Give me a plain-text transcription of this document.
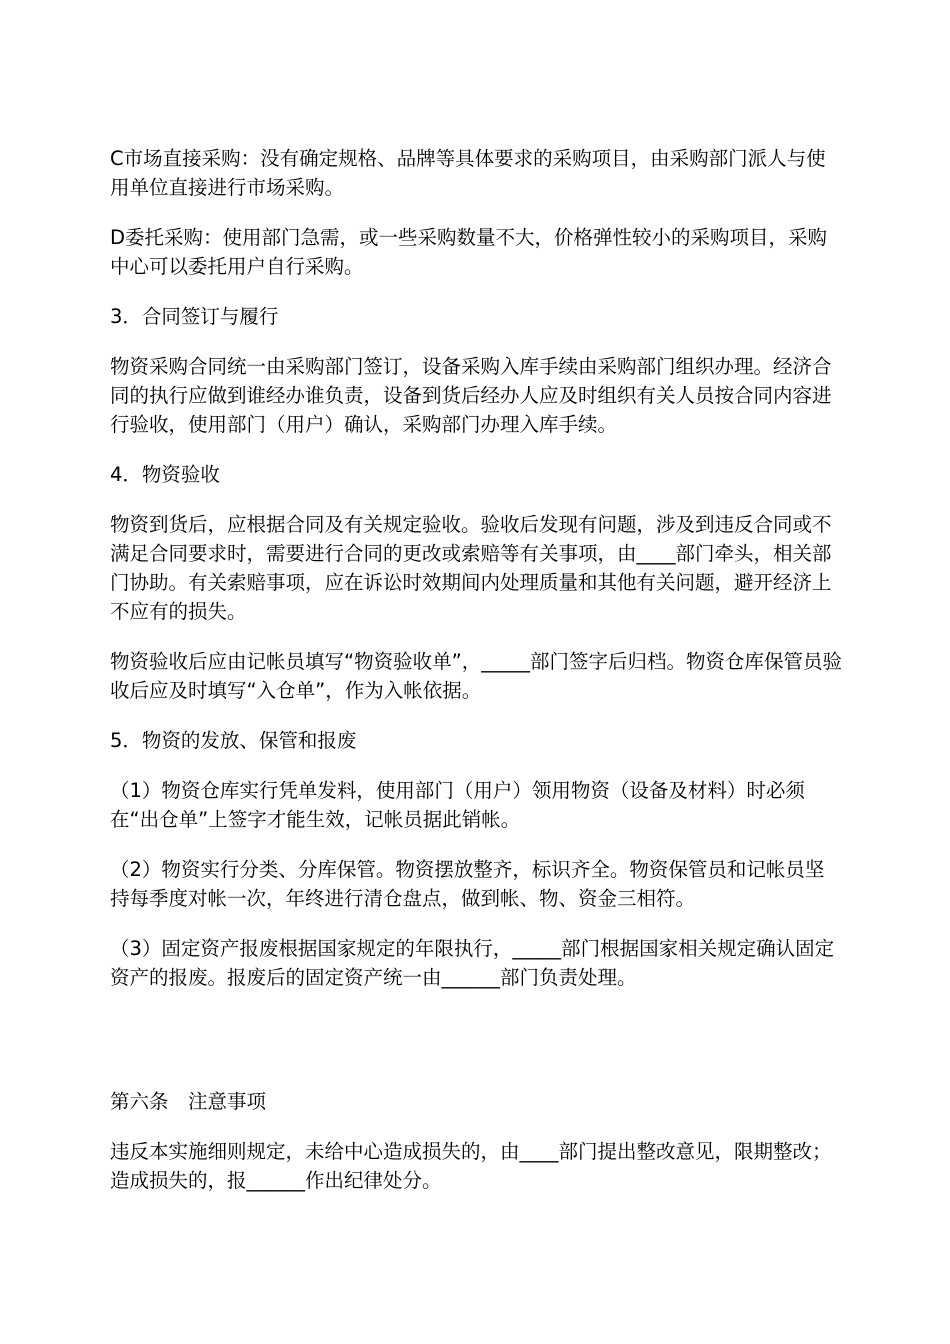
C市场直接采购：没有确定规格、品牌等具体要求的采购项目，由采购部门派人与使用单位直接进行市场采购。

D委托采购：使用部门急需，或一些采购数量不大，价格弹性较小的采购项目，采购中心可以委托用户自行采购。

3．合同签订与履行

物资采购合同统一由采购部门签订，设备采购入库手续由采购部门组织办理。经济合同的执行应做到谁经办谁负责，设备到货后经办人应及时组织有关人员按合同内容进行验收，使用部门（用户）确认，采购部门办理入库手续。

4．物资验收

物资到货后，应根据合同及有关规定验收。验收后发现有问题，涉及到违反合同或不满足合同要求时，需要进行合同的更改或索赔等有关事项，由____部门牵头，相关部门协助。有关索赔事项，应在诉讼时效期间内处理质量和其他有关问题，避开经济上不应有的损失。

物资验收后应由记帐员填写“物资验收单”，_____部门签字后归档。物资仓库保管员验收后应及时填写“入仓单”，作为入帐依据。

5．物资的发放、保管和报废

（1）物资仓库实行凭单发料，使用部门（用户）领用物资（设备及材料）时必须在“出仓单”上签字才能生效，记帐员据此销帐。

（2）物资实行分类、分库保管。物资摆放整齐，标识齐全。物资保管员和记帐员坚持每季度对帐一次，年终进行清仓盘点，做到帐、物、资金三相符。

（3）固定资产报废根据国家规定的年限执行，_____部门根据国家相关规定确认固定资产的报废。报废后的固定资产统一由______部门负责处理。

第六条　注意事项

违反本实施细则规定，未给中心造成损失的，由____部门提出整改意见，限期整改；造成损失的，报______作出纪律处分。
